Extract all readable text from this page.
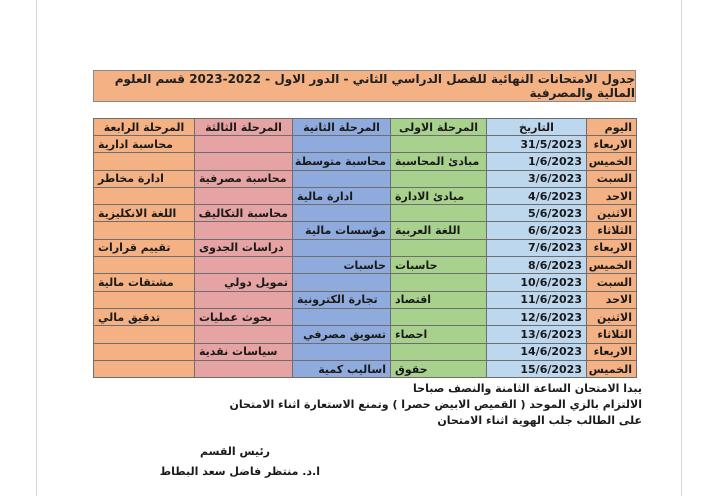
جدول الامتحانات النهائية للفصل الدراسي الثاني - الدور الاول - 2022-2023 قسم العلوم المالية والمصرفية
اليوم	التاريخ	المرحلة الاولى	المرحلة الثانية	المرحلة الثالثة	المرحلة الرابعة
الاربعاء	31/5/2023				محاسبة ادارية
الخميس	1/6/2023	مبادئ المحاسبة	محاسبة متوسطة		
السبت	3/6/2023			محاسبة مصرفية	ادارة مخاطر
الاحد	4/6/2023	مبادئ الادارة	ادارة مالية		
الاثنين	5/6/2023			محاسبة التكاليف	اللغة الانكليزية
الثلاثاء	6/6/2023	اللغة العربية	مؤسسات مالية		
الاربعاء	7/6/2023			دراسات الجدوى	تقييم قرارات
الخميس	8/6/2023	حاسبات	حاسبات		
السبت	10/6/2023			تمويل دولي	مشتقات مالية
الاحد	11/6/2023	اقتصاد	تجارة الكترونية		
الاثنين	12/6/2023			بحوث عمليات	تدقيق مالي
الثلاثاء	13/6/2023	احصاء	تسويق مصرفي		
الاربعاء	14/6/2023			سياسات نقدية	
الخميس	15/6/2023	حقوق	اساليب كمية		
يبدا الامتحان الساعة الثامنة والنصف صباحا
الالتزام بالزي الموحد ( القميص الابيض حصرا ) وتمنع الاستعارة اثناء الامتحان
على الطالب جلب الهوية اثناء الامتحان
رئيس القسم
ا.د. منتظر فاضل سعد البطاط
